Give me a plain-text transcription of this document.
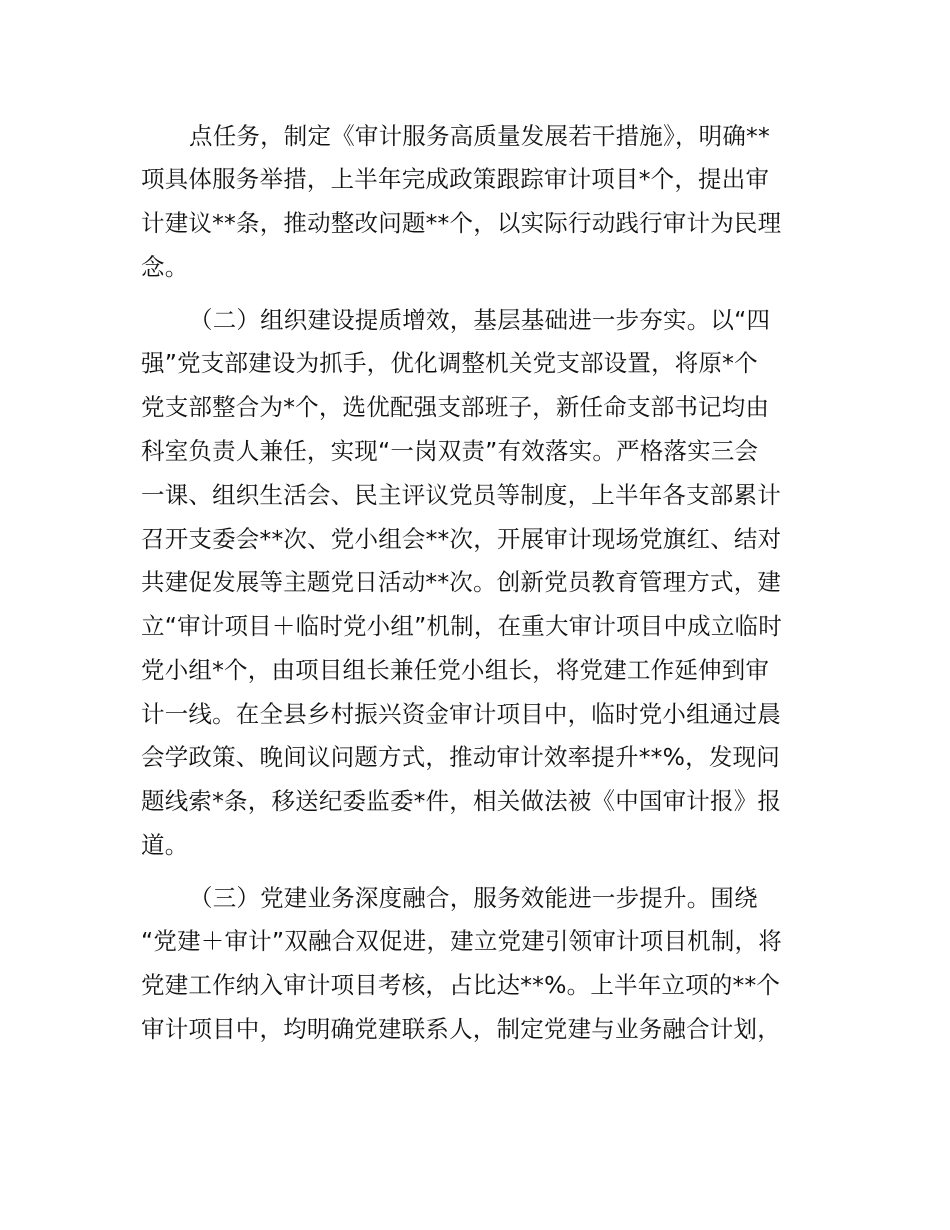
点任务，制定《审计服务高质量发展若干措施》，明确**
项具体服务举措，上半年完成政策跟踪审计项目*个，提出审
计建议**条，推动整改问题**个，以实际行动践行审计为民理
念。
（二）组织建设提质增效，基层基础进一步夯实。以“四
强”党支部建设为抓手，优化调整机关党支部设置，将原*个
党支部整合为*个，选优配强支部班子，新任命支部书记均由
科室负责人兼任，实现“一岗双责”有效落实。严格落实三会
一课、组织生活会、民主评议党员等制度，上半年各支部累计
召开支委会**次、党小组会**次，开展审计现场党旗红、结对
共建促发展等主题党日活动**次。创新党员教育管理方式，建
立“审计项目＋临时党小组”机制，在重大审计项目中成立临时
党小组*个，由项目组长兼任党小组长，将党建工作延伸到审
计一线。在全县乡村振兴资金审计项目中，临时党小组通过晨
会学政策、晚间议问题方式，推动审计效率提升**%，发现问
题线索*条，移送纪委监委*件，相关做法被《中国审计报》报
道。
（三）党建业务深度融合，服务效能进一步提升。围绕
“党建＋审计”双融合双促进，建立党建引领审计项目机制，将
党建工作纳入审计项目考核，占比达**%。上半年立项的**个
审计项目中，均明确党建联系人，制定党建与业务融合计划，
